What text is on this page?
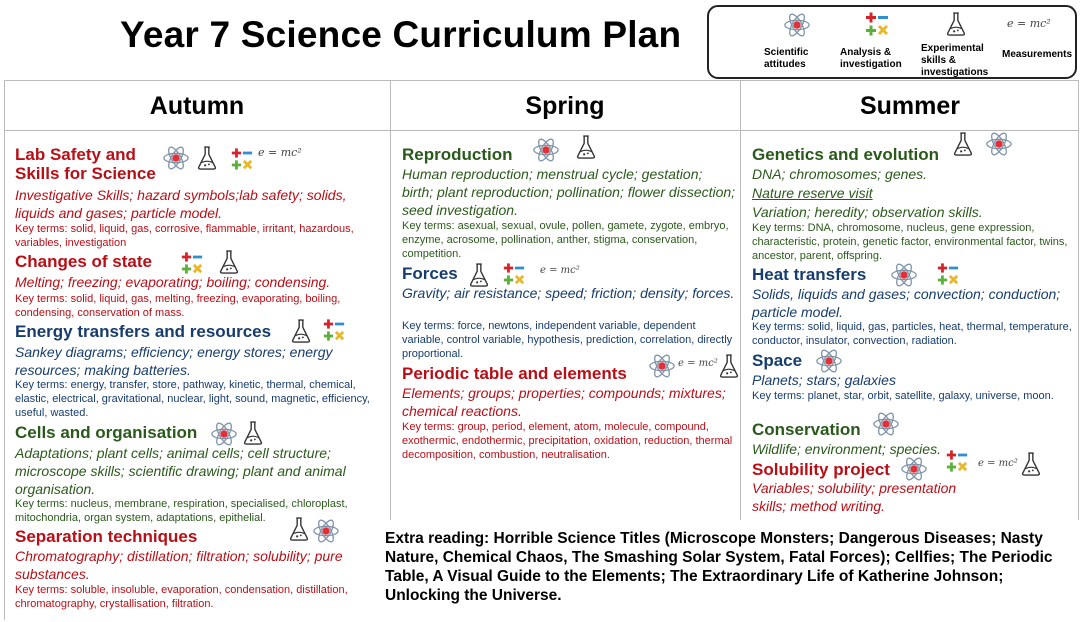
Year 7 Science Curriculum Plan	Scientific attitudes
Analysis & investigation
Experimental skills & investigations
e = mc²
Measurements
Autumn	Spring	Summer
Lab Safety and Skills for Science
e = mc²
Investigative Skills; hazard symbols;lab safety; solids, liquids and gases; particle model.
Key terms: solid, liquid, gas, corrosive, flammable, irritant, hazardous, variables, investigation
Changes of state
Melting; freezing; evaporating; boiling; condensing.
Key terms: solid, liquid, gas, melting, freezing, evaporating, boiling, condensing, conservation of mass.
Energy transfers and resources
Sankey diagrams; efficiency; energy stores; energy resources; making batteries.
Key terms: energy, transfer, store, pathway, kinetic, thermal, chemical, elastic, electrical, gravitational, nuclear, light, sound, magnetic, efficiency, useful, wasted.
Cells and organisation
Adaptations; plant cells; animal cells; cell structure; microscope skills; scientific drawing; plant and animal organisation.
Key terms: nucleus, membrane, respiration, specialised, chloroplast, mitochondria, organ system, adaptations, epithelial.
Separation techniques
Chromatography; distillation; filtration; solubility; pure substances.
Key terms: soluble, insoluble, evaporation, condensation, distillation, chromatography, crystallisation, filtration.
Reproduction
Human reproduction; menstrual cycle; gestation; birth; plant reproduction; pollination; flower dissection; seed investigation.
Key terms: asexual, sexual, ovule, pollen, gamete, zygote, embryo, enzyme, acrosome, pollination, anther, stigma, conservation, competition.
Forces	e = mc²
Gravity; air resistance; speed; friction; density; forces.
Key terms: force, newtons, independent variable, dependent variable, control variable, hypothesis, prediction, correlation, directly proportional.
Periodic table and elements
e = mc²
Elements; groups; properties; compounds; mixtures; chemical reactions.
Key terms: group, period, element, atom, molecule, compound, exothermic, endothermic, precipitation, oxidation, reduction, thermal decomposition, combustion, neutralisation.
Genetics and evolution
DNA; chromosomes; genes.
Nature reserve visit
Variation; heredity; observation skills.
Key terms: DNA, chromosome, nucleus, gene expression, characteristic, protein, genetic factor, environmental factor, twins, ancestor, parent, offspring.
Heat transfers
Solids, liquids and gases; convection; conduction; particle model.
Key terms: solid, liquid, gas, particles, heat, thermal, temperature, conductor, insulator, convection, radiation.
Space
Planets; stars; galaxies
Key terms: planet, star, orbit, satellite, galaxy, universe, moon.
Conservation
Wildlife; environment; species.
Solubility project	e = mc²
Variables; solubility; presentation skills; method writing.
Extra reading: Horrible Science Titles (Microscope Monsters; Dangerous Diseases; Nasty Nature, Chemical Chaos, The Smashing Solar System, Fatal Forces); Cellfies; The Periodic Table, A Visual Guide to the Elements; The Extraordinary Life of Katherine Johnson; Unlocking the Universe.
